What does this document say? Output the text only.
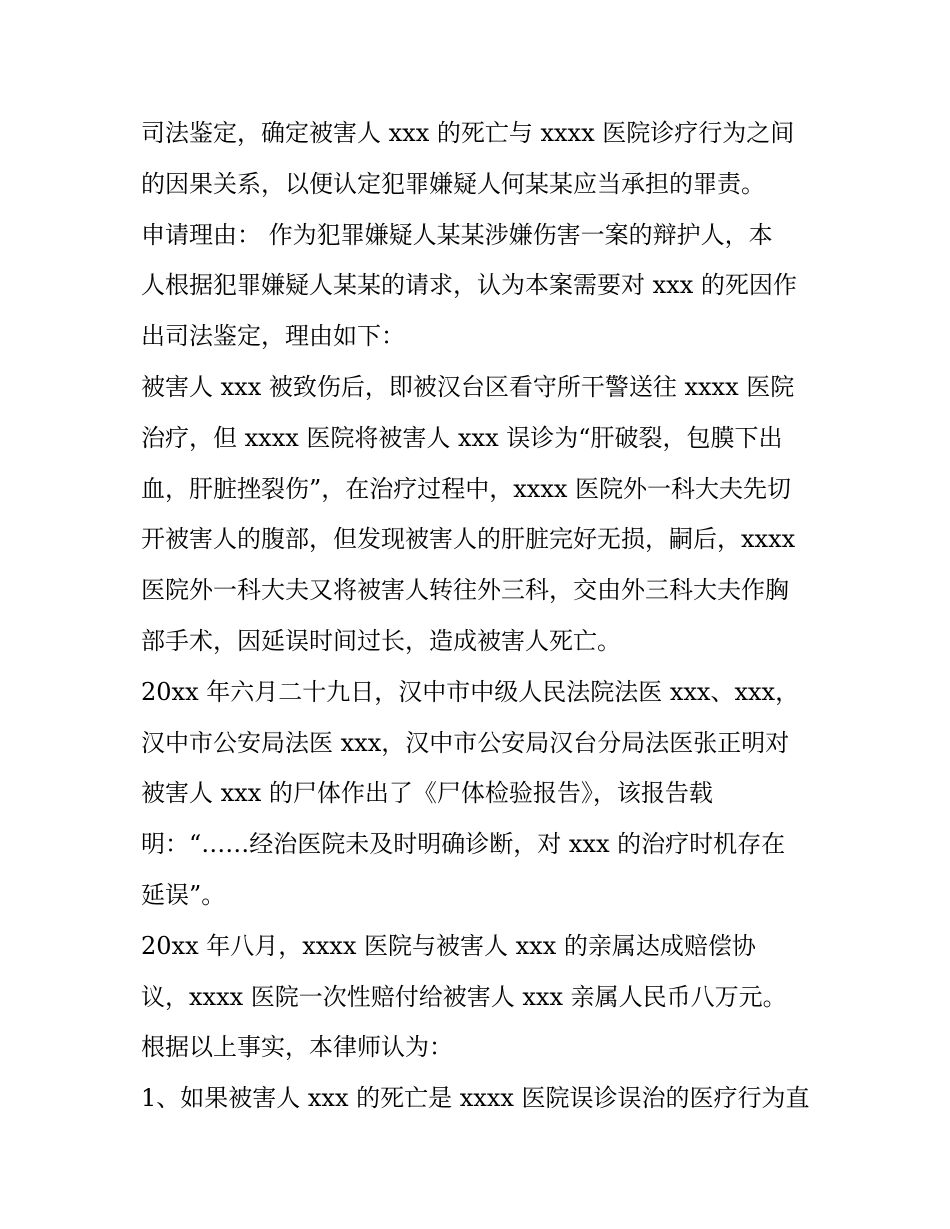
司法鉴定，确定被害人 xxx 的死亡与 xxxx 医院诊疗行为之间
的因果关系，以便认定犯罪嫌疑人何某某应当承担的罪责。
申请理由： 作为犯罪嫌疑人某某涉嫌伤害一案的辩护人，本
人根据犯罪嫌疑人某某的请求，认为本案需要对 xxx 的死因作
出司法鉴定，理由如下：
被害人 xxx 被致伤后，即被汉台区看守所干警送往 xxxx 医院
治疗，但 xxxx 医院将被害人 xxx 误诊为“肝破裂，包膜下出
血，肝脏挫裂伤”，在治疗过程中，xxxx 医院外一科大夫先切
开被害人的腹部，但发现被害人的肝脏完好无损，嗣后，xxxx
医院外一科大夫又将被害人转往外三科，交由外三科大夫作胸
部手术，因延误时间过长，造成被害人死亡。
20xx 年六月二十九日，汉中市中级人民法院法医 xxx、xxx，
汉中市公安局法医 xxx，汉中市公安局汉台分局法医张正明对
被害人 xxx 的尸体作出了《尸体检验报告》，该报告载
明：“……经治医院未及时明确诊断，对 xxx 的治疗时机存在
延误”。
20xx 年八月，xxxx 医院与被害人 xxx 的亲属达成赔偿协
议，xxxx 医院一次性赔付给被害人 xxx 亲属人民币八万元。
根据以上事实，本律师认为：
1、如果被害人 xxx 的死亡是 xxxx 医院误诊误治的医疗行为直
